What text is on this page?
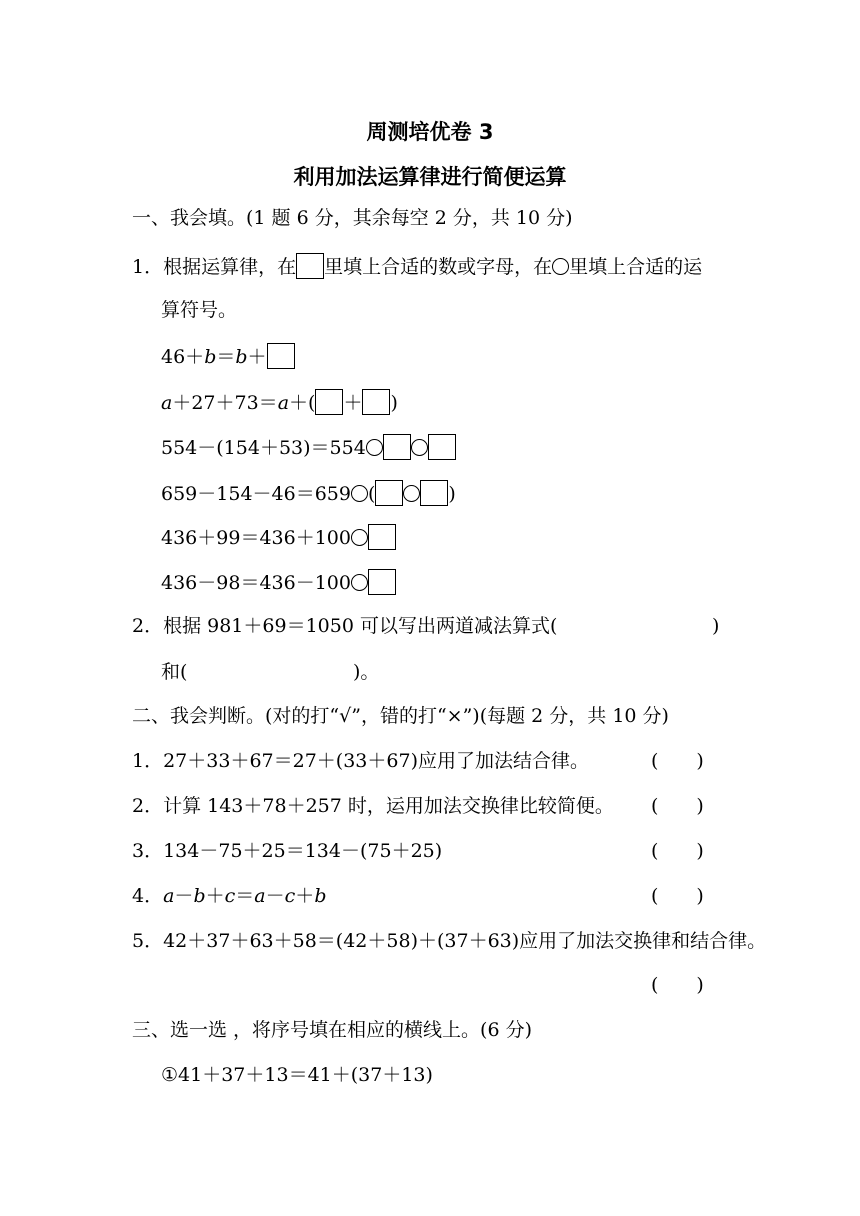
周测培优卷 3
利用加法运算律进行简便运算
一、我会填。(1 题 6 分，其余每空 2 分，共 10 分)
1．根据运算律，在 里填上合适的数或字母，在 里填上合适的运
算符号。
46＋b＝b＋
a＋27＋73＝a＋( ＋ )
554－(154＋53)＝554
659－154－46＝659 (	)
436＋99＝436＋100
436－98＝436－100
2．根据 981＋69＝1050 可以写出两道减法算式(	)
和(	)。
二、我会判断。(对的打“√”，错的打“×”)(每题 2 分，共 10 分)
1．27＋33＋67＝27＋(33＋67)应用了加法结合律。	( )
2．计算 143＋78＋257 时，运用加法交换律比较简便。 ( )
3．134－75＋25＝134－(75＋25)	( )
4．a－b＋c＝a－c＋b	( )
5．42＋37＋63＋58＝(42＋58)＋(37＋63)应用了加法交换律和结合律。
( )
三、选一选 ，将序号填在相应的横线上。(6 分)
①41＋37＋13＝41＋(37＋13)
